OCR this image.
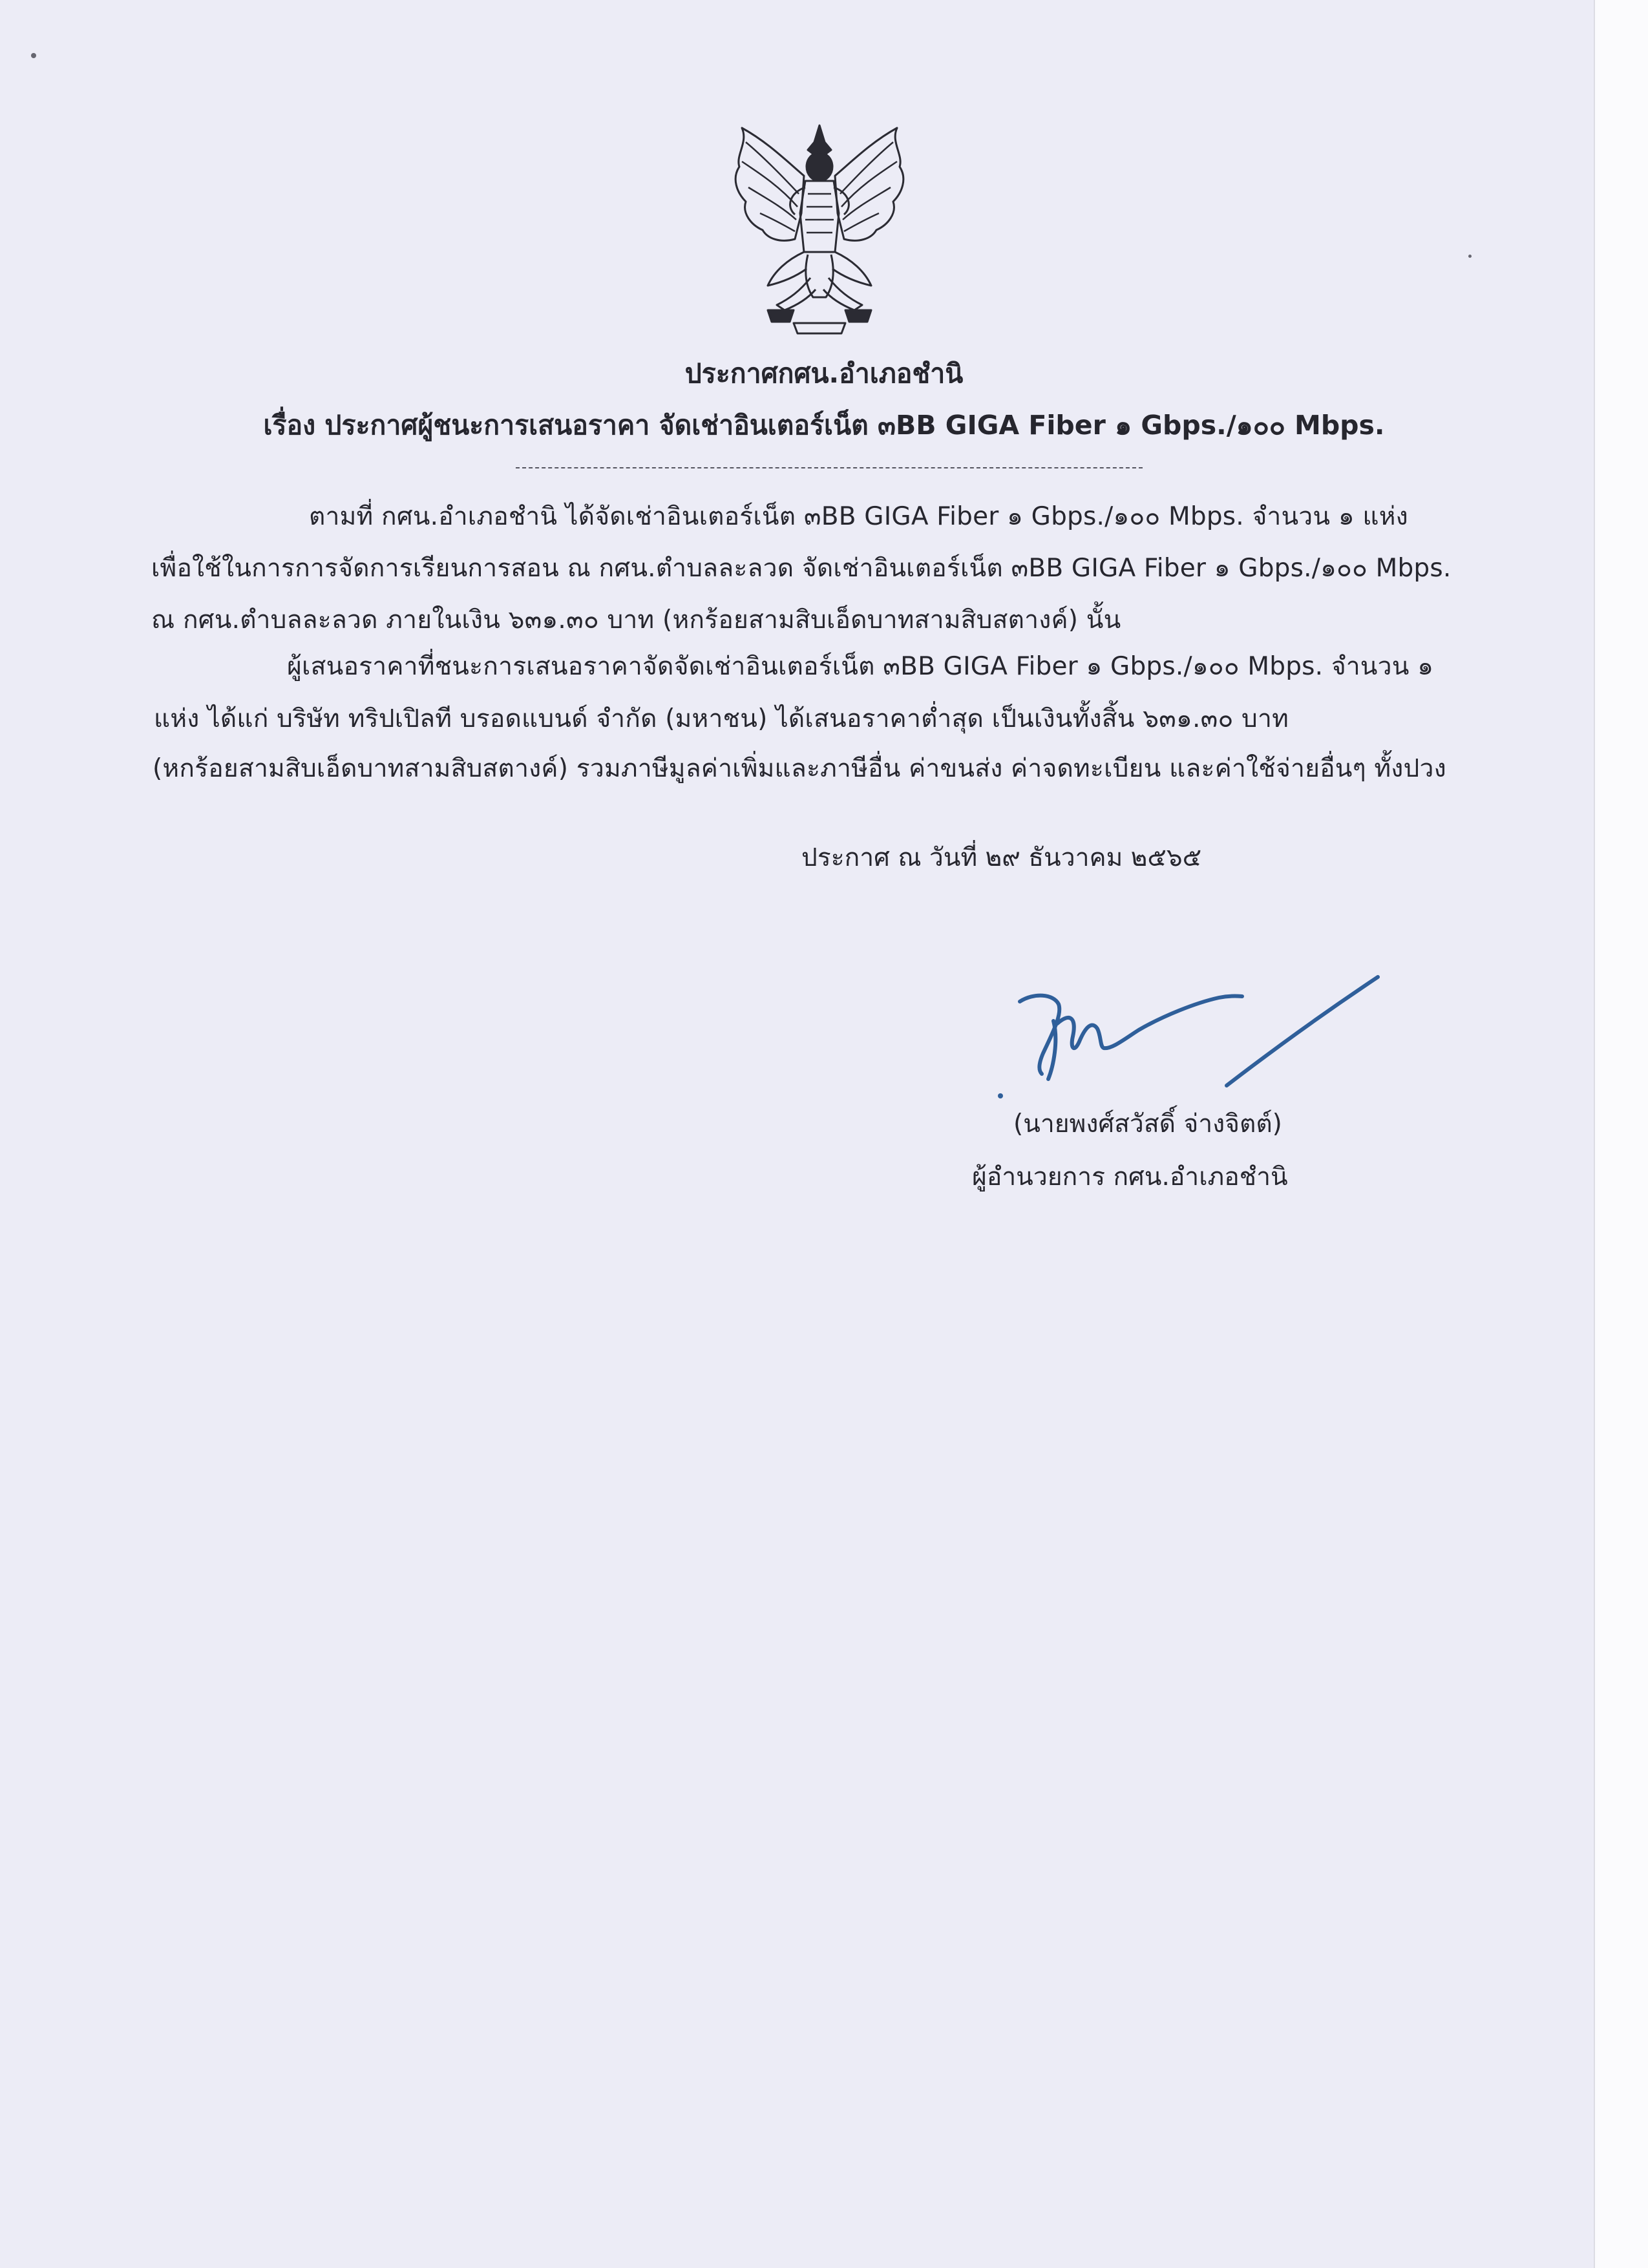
ประกาศกศน.อำเภอชำนิ
เรื่อง ประกาศผู้ชนะการเสนอราคา จัดเช่าอินเตอร์เน็ต ๓BB GIGA Fiber ๑ Gbps./๑๐๐ Mbps.
ตามที่ กศน.อำเภอชำนิ ได้จัดเช่าอินเตอร์เน็ต ๓BB GIGA Fiber ๑ Gbps./๑๐๐ Mbps. จำนวน ๑ แห่ง
เพื่อใช้ในการการจัดการเรียนการสอน ณ กศน.ตำบลละลวด จัดเช่าอินเตอร์เน็ต ๓BB GIGA Fiber ๑ Gbps./๑๐๐ Mbps.
ณ กศน.ตำบลละลวด ภายในเงิน ๖๓๑.๓๐ บาท (หกร้อยสามสิบเอ็ดบาทสามสิบสตางค์) นั้น
ผู้เสนอราคาที่ชนะการเสนอราคาจัดจัดเช่าอินเตอร์เน็ต ๓BB GIGA Fiber ๑ Gbps./๑๐๐ Mbps. จำนวน ๑
แห่ง ได้แก่ บริษัท ทริปเปิลที บรอดแบนด์ จำกัด (มหาชน) ได้เสนอราคาต่ำสุด เป็นเงินทั้งสิ้น ๖๓๑.๓๐ บาท
(หกร้อยสามสิบเอ็ดบาทสามสิบสตางค์) รวมภาษีมูลค่าเพิ่มและภาษีอื่น ค่าขนส่ง ค่าจดทะเบียน และค่าใช้จ่ายอื่นๆ ทั้งปวง
ประกาศ ณ วันที่ ๒๙ ธันวาคม ๒๕๖๕
(นายพงศ์สวัสดิ์ จ่างจิตต์)
ผู้อำนวยการ กศน.อำเภอชำนิ
